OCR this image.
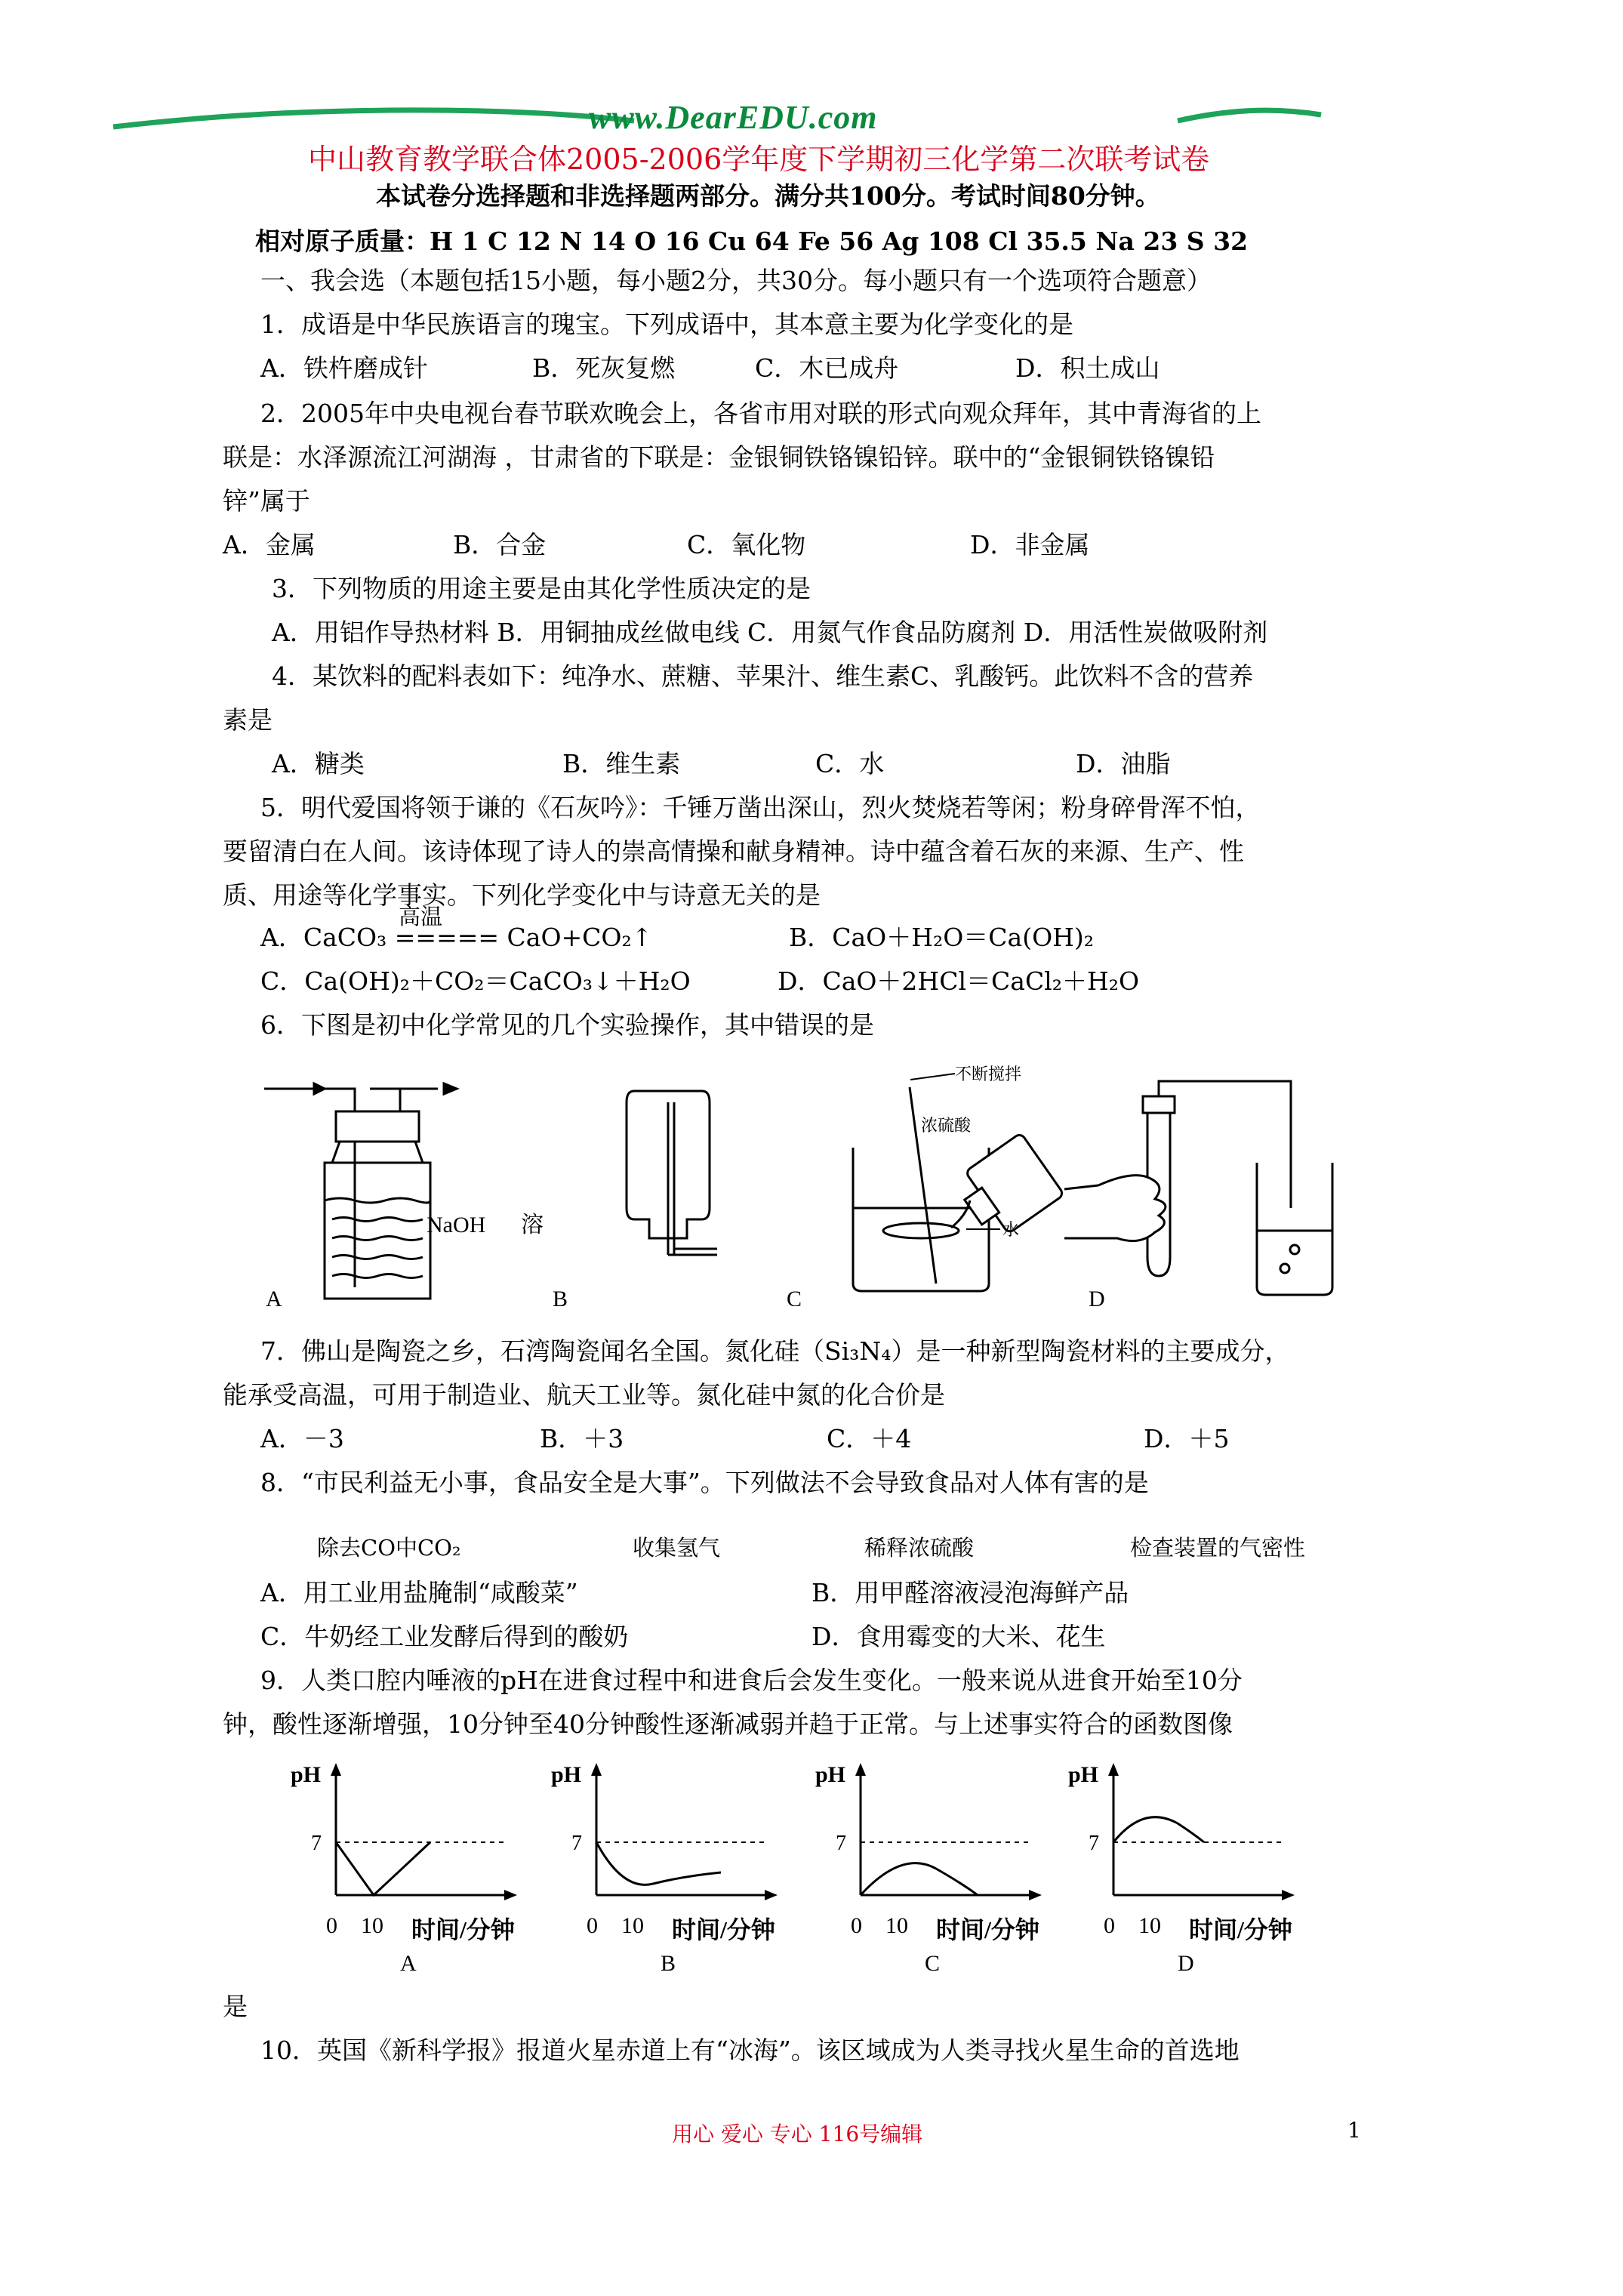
www.DearEDU.com
中山教育教学联合体2005-2006学年度下学期初三化学第二次联考试卷
本试卷分选择题和非选择题两部分。满分共100分。考试时间80分钟。
相对原子质量：H 1 C 12 N 14 O 16 Cu 64 Fe 56 Ag 108 Cl 35.5 Na 23 S 32
一、我会选（本题包括15小题，每小题2分，共30分。每小题只有一个选项符合题意）
1．成语是中华民族语言的瑰宝。下列成语中，其本意主要为化学变化的是
A．铁杵磨成针	B．死灰复燃	C．木已成舟	D．积土成山
2．2005年中央电视台春节联欢晚会上，各省市用对联的形式向观众拜年，其中青海省的上
联是：水泽源流江河湖海 ，甘肃省的下联是：金银铜铁铬镍铅锌。联中的“金银铜铁铬镍铅
锌”属于
A．金属	B．合金	C．氧化物	D．非金属
3．下列物质的用途主要是由其化学性质决定的是
A．用铝作导热材料 B．用铜抽成丝做电线 C．用氮气作食品防腐剂 D．用活性炭做吸附剂
4．某饮料的配料表如下：纯净水、蔗糖、苹果汁、维生素C、乳酸钙。此饮料不含的营养
素是
A．糖类	B．维生素	C．水	D．油脂
5．明代爱国将领于谦的《石灰吟》：千锤万凿出深山，烈火焚烧若等闲；粉身碎骨浑不怕，
要留清白在人间。该诗体现了诗人的崇高情操和献身精神。诗中蕴含着石灰的来源、生产、性
质、用途等化学事实。下列化学变化中与诗意无关的是
高温
A．CaCO₃ ===== CaO+CO₂↑	B．CaO＋H₂O＝Ca(OH)₂
C．Ca(OH)₂＋CO₂＝CaCO₃↓＋H₂O	D．CaO＋2HCl＝CaCl₂＋H₂O
6．下图是初中化学常见的几个实验操作，其中错误的是
NaOH 溶
不断搅拌
浓硫酸
水
A	B	C	D
7．佛山是陶瓷之乡，石湾陶瓷闻名全国。氮化硅（Si₃N₄）是一种新型陶瓷材料的主要成分，
能承受高温，可用于制造业、航天工业等。氮化硅中氮的化合价是
A．－3	B．＋3	C．＋4	D．＋5
8．“市民利益无小事，食品安全是大事”。下列做法不会导致食品对人体有害的是
除去CO中CO₂	收集氢气	稀释浓硫酸	检查装置的气密性
A．用工业用盐腌制“咸酸菜”	B．用甲醛溶液浸泡海鲜产品
C．牛奶经工业发酵后得到的酸奶	D．食用霉变的大米、花生
9．人类口腔内唾液的pH在进食过程中和进食后会发生变化。一般来说从进食开始至10分
钟，酸性逐渐增强，10分钟至40分钟酸性逐渐减弱并趋于正常。与上述事实符合的函数图像
pH
7
0 10 时间/分钟
A
pH
7
0 10 时间/分钟
B
pH
7
0 10 时间/分钟
C
pH
7
0 10 时间/分钟
D
是
10．英国《新科学报》报道火星赤道上有“冰海”。该区域成为人类寻找火星生命的首选地
用心 爱心 专心 116号编辑	1
